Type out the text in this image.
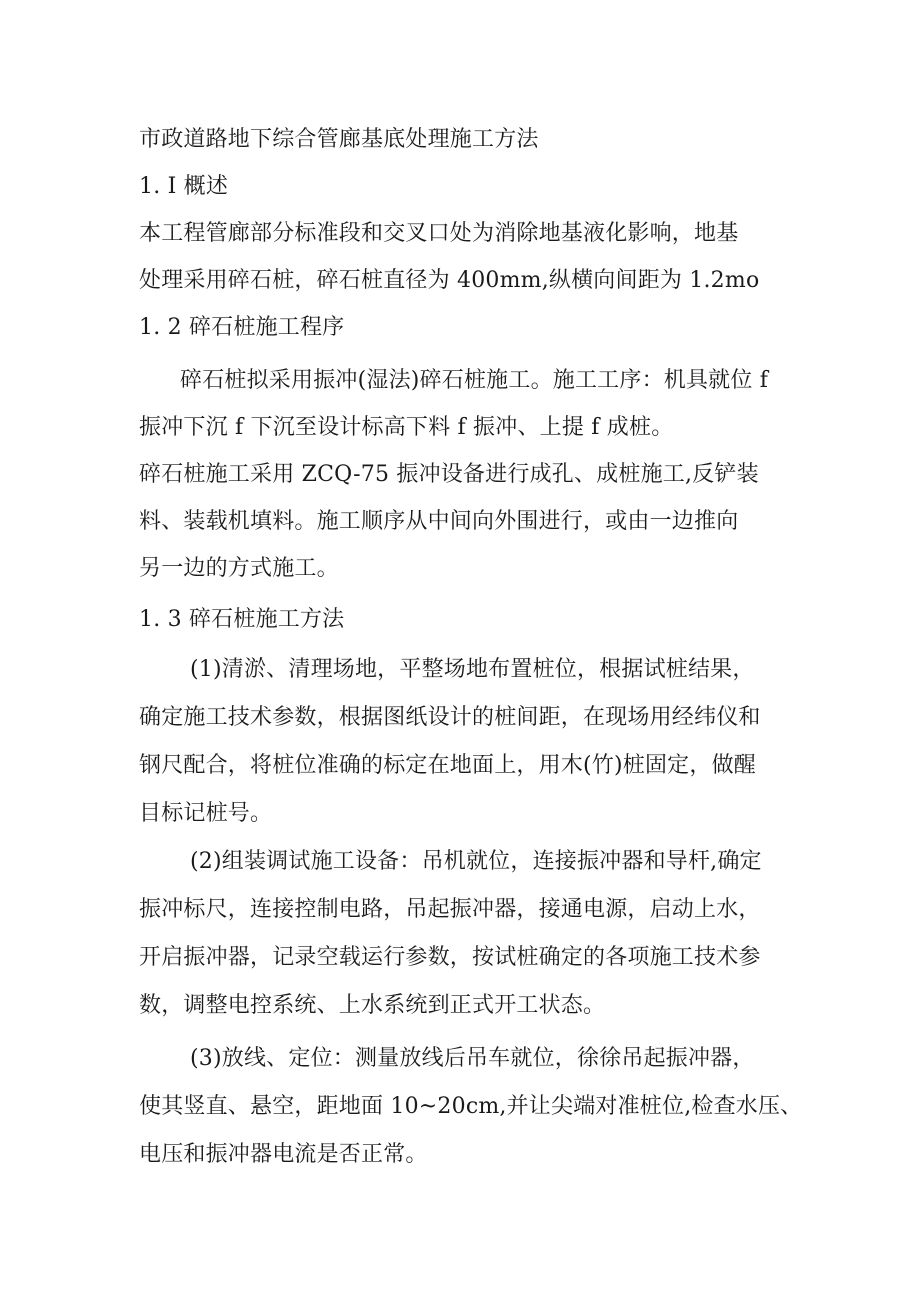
市政道路地下综合管廊基底处理施工方法
1. I 概述
本工程管廊部分标准段和交叉口处为消除地基液化影响，地基
处理采用碎石桩，碎石桩直径为 400mm,纵横向间距为 1.2mo
1. 2 碎石桩施工程序
碎石桩拟采用振冲(湿法)碎石桩施工。施工工序：机具就位 f
振冲下沉 f 下沉至设计标高下料 f 振冲、上提 f 成桩。
碎石桩施工采用 ZCQ-75 振冲设备进行成孔、成桩施工,反铲装
料、装载机填料。施工顺序从中间向外围进行，或由一边推向
另一边的方式施工。
1. 3 碎石桩施工方法
(1)清淤、清理场地，平整场地布置桩位，根据试桩结果，
确定施工技术参数，根据图纸设计的桩间距，在现场用经纬仪和
钢尺配合，将桩位准确的标定在地面上，用木(竹)桩固定，做醒
目标记桩号。
(2)组装调试施工设备：吊机就位，连接振冲器和导杆,确定
振冲标尺，连接控制电路，吊起振冲器，接通电源，启动上水，
开启振冲器，记录空载运行参数，按试桩确定的各项施工技术参
数，调整电控系统、上水系统到正式开工状态。
(3)放线、定位：测量放线后吊车就位，徐徐吊起振冲器，
使其竖直、悬空，距地面 10~20cm,并让尖端对准桩位,检查水压、
电压和振冲器电流是否正常。
